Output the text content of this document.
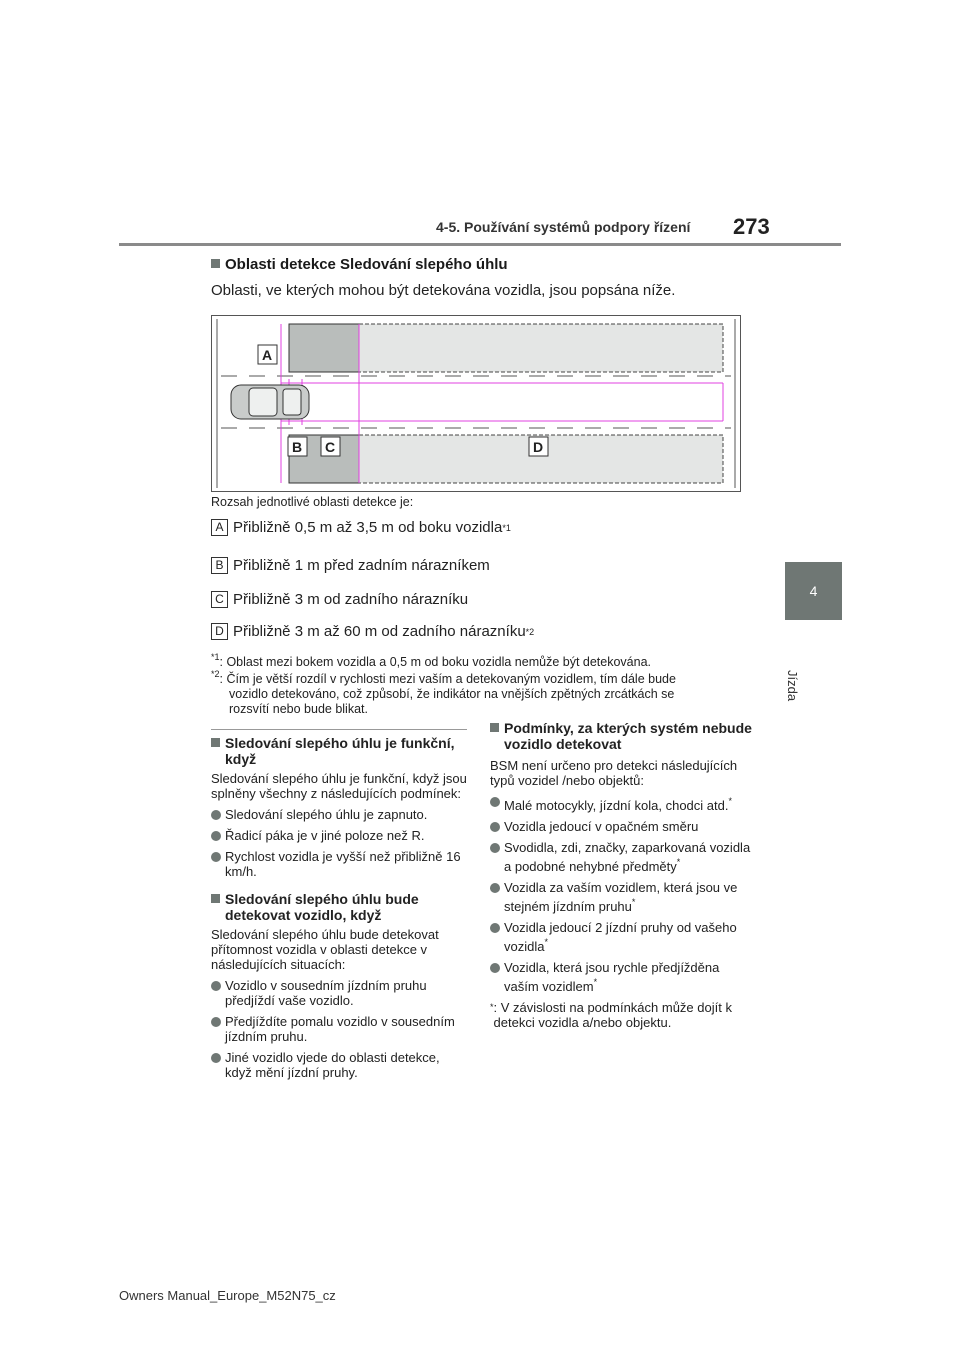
4-5. Používání systémů podpory řízení 273
4
Jízda
Oblasti detekce Sledování slepého úhlu
Oblasti, ve kterých mohou být detekována vozidla, jsou popsána níže.
A
B C	D
Rozsah jednotlivé oblasti detekce je:
A Přibližně 0,5 m až 3,5 m od boku vozidla *1
B Přibližně 1 m před zadním nárazníkem
C Přibližně 3 m od zadního nárazníku
D Přibližně 3 m až 60 m od zadního nárazníku *2
$^{*1}$: Oblast mezi bokem vozidla a 0,5 m od boku vozidla nemůže být detekována.
$^{*2}$: Čím je větší rozdíl v rychlosti mezi vaším a detekovaným vozidlem, tím dále bude
vozidlo detekováno, což způsobí, že indikátor na vnějších zpětných zrcátkách se
rozsvítí nebo bude blikat.
Sledování slepého úhlu je funkční, když

Sledování slepého úhlu je funkční, když jsou splněny všechny z následujících podmínek:

Sledování slepého úhlu je zapnuto.
Řadicí páka je v jiné poloze než R.
Rychlost vozidla je vyšší než přibližně 16 km/h.
Sledování slepého úhlu bude detekovat vozidlo, když

Sledování slepého úhlu bude detekovat přítomnost vozidla v oblasti detekce v následujících situacích:

Vozidlo v sousedním jízdním pruhu předjíždí vaše vozidlo.
Předjíždíte pomalu vozidlo v sousedním jízdním pruhu.
Jiné vozidlo vjede do oblasti detekce, když mění jízdní pruhy.
Podmínky, za kterých systém nebude vozidlo detekovat

BSM není určeno pro detekci následujících typů vozidel /nebo objektů:

Malé motocykly, jízdní kola, chodci atd.*
Vozidla jedoucí v opačném směru
Svodidla, zdi, značky, zaparkovaná vozidla a podobné nehybné předměty*
Vozidla za vaším vozidlem, která jsou ve stejném jízdním pruhu*
Vozidla jedoucí 2 jízdní pruhy od vašeho vozidla*
Vozidla, která jsou rychle předjížděna vaším vozidlem*
* : V závislosti na podmínkách může dojít k detekci vozidla a/nebo objektu.
Owners Manual_Europe_M52N75_cz
